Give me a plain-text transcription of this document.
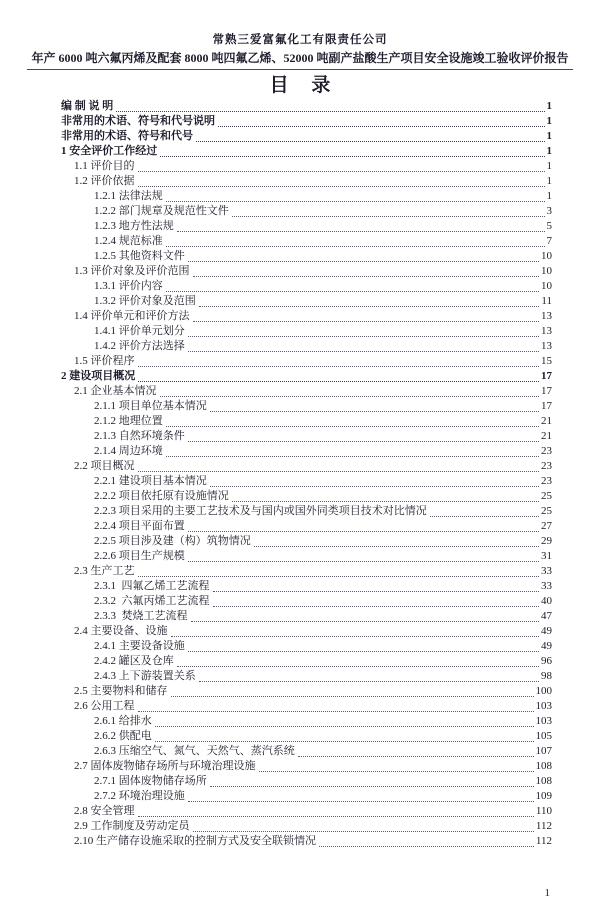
常熟三爱富氟化工有限责任公司
年产 6000 吨六氟丙烯及配套 8000 吨四氟乙烯、52000 吨副产盐酸生产项目安全设施竣工验收评价报告
目 录
编 制 说 明	1
非常用的术语、符号和代号说明	1
非常用的术语、符号和代号	1
1 安全评价工作经过	1
1.1 评价目的	1
1.2 评价依据	1
1.2.1 法律法规	1
1.2.2 部门规章及规范性文件	3
1.2.3 地方性法规	5
1.2.4 规范标准	7
1.2.5 其他资料文件	10
1.3 评价对象及评价范围	10
1.3.1 评价内容	10
1.3.2 评价对象及范围	11
1.4 评价单元和评价方法	13
1.4.1 评价单元划分	13
1.4.2 评价方法选择	13
1.5 评价程序	15
2 建设项目概况	17
2.1 企业基本情况	17
2.1.1 项目单位基本情况	17
2.1.2 地理位置	21
2.1.3 自然环境条件	21
2.1.4 周边环境	23
2.2 项目概况	23
2.2.1 建设项目基本情况	23
2.2.2 项目依托原有设施情况	25
2.2.3 项目采用的主要工艺技术及与国内或国外同类项目技术对比情况	25
2.2.4 项目平面布置	27
2.2.5 项目涉及建（构）筑物情况	29
2.2.6 项目生产规模	31
2.3 生产工艺	33
2.3.1  四氟乙烯工艺流程	33
2.3.2  六氟丙烯工艺流程	40
2.3.3  焚烧工艺流程	47
2.4 主要设备、设施	49
2.4.1 主要设备设施	49
2.4.2 罐区及仓库	96
2.4.3 上下游装置关系	98
2.5 主要物料和储存	100
2.6 公用工程	103
2.6.1 给排水	103
2.6.2 供配电	105
2.6.3 压缩空气、氮气、天然气、蒸汽系统	107
2.7 固体废物储存场所与环境治理设施	108
2.7.1 固体废物储存场所	108
2.7.2 环境治理设施	109
2.8 安全管理	110
2.9 工作制度及劳动定员	112
2.10 生产储存设施采取的控制方式及安全联锁情况	112
1
